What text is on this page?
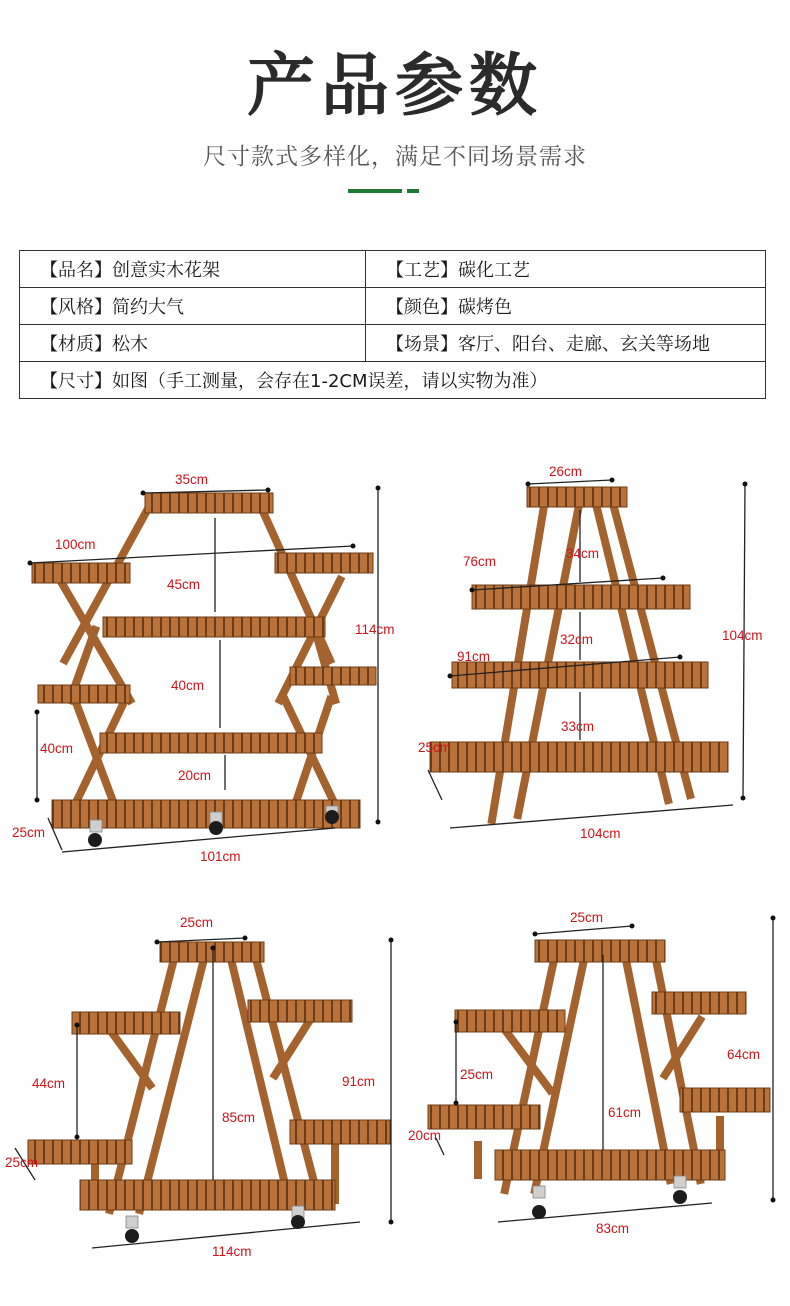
产品参数
尺寸款式多样化，满足不同场景需求
【品名】创意实木花架	【工艺】碳化工艺
【风格】简约大气	【颜色】碳烤色
【材质】松木	【场景】客厅、阳台、走廊、玄关等场地
【尺寸】如图（手工测量，会存在1-2CM误差，请以实物为准）	
35cm
100cm
45cm
40cm
40cm
20cm
114cm
25cm
101cm
26cm
34cm
76cm
32cm
91cm
33cm
25cm
104cm
104cm
25cm
44cm
85cm
91cm
25cm
114cm
25cm
25cm
61cm
64cm
20cm
83cm
